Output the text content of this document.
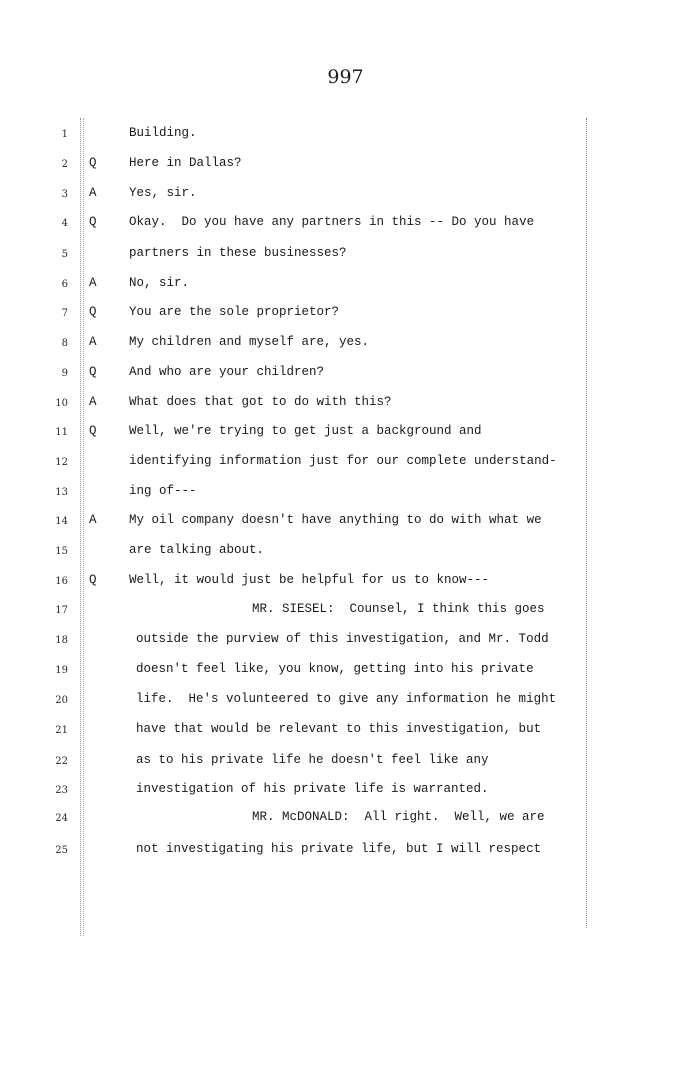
997
1	Building.
2 Q	Here in Dallas?
3 A	Yes, sir.
4 Q	Okay.  Do you have any partners in this -- Do you have
5	partners in these businesses?
6 A	No, sir.
7 Q	You are the sole proprietor?
8 A	My children and myself are, yes.
9 Q	And who are your children?
10 A	What does that got to do with this?
11 Q	Well, we're trying to get just a background and
12	identifying information just for our complete understand-
13	ing of---
14 A	My oil company doesn't have anything to do with what we
15	are talking about.
16 Q	Well, it would just be helpful for us to know---
17	MR. SIESEL:  Counsel, I think this goes
18	outside the purview of this investigation, and Mr. Todd
19	doesn't feel like, you know, getting into his private
20	life.  He's volunteered to give any information he might
21	have that would be relevant to this investigation, but
22	as to his private life he doesn't feel like any
23	investigation of his private life is warranted.
24	MR. McDONALD:  All right.  Well, we are
25	not investigating his private life, but I will respect
